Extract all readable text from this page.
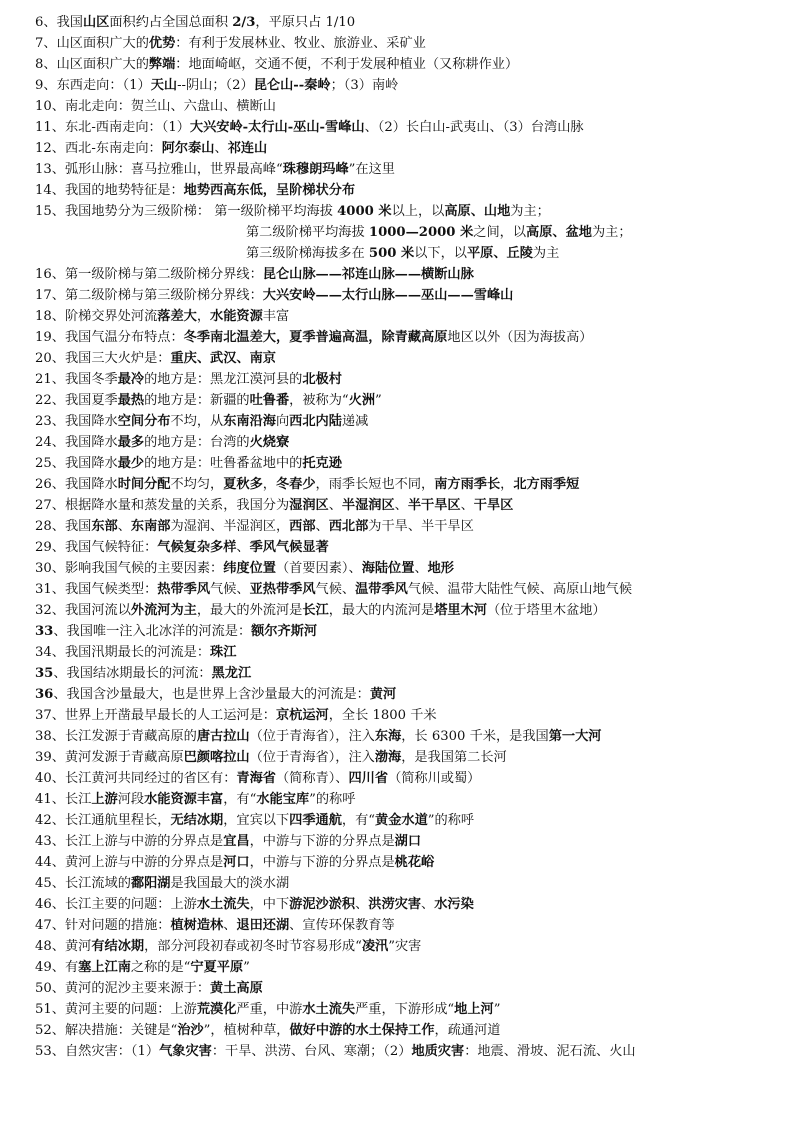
6、我国山区面积约占全国总面积 2/3，平原只占 1/10
7、山区面积广大的优势：有利于发展林业、牧业、旅游业、采矿业
8、山区面积广大的弊端：地面崎岖，交通不便，不利于发展种植业（又称耕作业）
9、东西走向：（1）天山--阴山；（2）昆仑山--秦岭；（3）南岭
10、南北走向：贺兰山、六盘山、横断山
11、东北-西南走向：（1）大兴安岭-太行山-巫山-雪峰山、（2）长白山-武夷山、（3）台湾山脉
12、西北-东南走向：阿尔泰山、祁连山
13、弧形山脉：喜马拉雅山，世界最高峰“珠穆朗玛峰”在这里
14、我国的地势特征是：地势西高东低，呈阶梯状分布
15、我国地势分为三级阶梯： 第一级阶梯平均海拔 4000 米以上，以高原、山地为主；
第二级阶梯平均海拔 1000—2000 米之间，以高原、盆地为主；
第三级阶梯海拔多在 500 米以下，以平原、丘陵为主
16、第一级阶梯与第二级阶梯分界线：昆仑山脉——祁连山脉——横断山脉
17、第二级阶梯与第三级阶梯分界线：大兴安岭——太行山脉——巫山——雪峰山
18、阶梯交界处河流落差大，水能资源丰富
19、我国气温分布特点：冬季南北温差大，夏季普遍高温，除青藏高原地区以外（因为海拔高）
20、我国三大火炉是：重庆、武汉、南京
21、我国冬季最冷的地方是：黑龙江漠河县的北极村
22、我国夏季最热的地方是：新疆的吐鲁番，被称为“火洲”
23、我国降水空间分布不均，从东南沿海向西北内陆递减
24、我国降水最多的地方是：台湾的火烧寮
25、我国降水最少的地方是：吐鲁番盆地中的托克逊
26、我国降水时间分配不均匀，夏秋多，冬春少，雨季长短也不同，南方雨季长，北方雨季短
27、根据降水量和蒸发量的关系，我国分为湿润区、半湿润区、半干旱区、干旱区
28、我国东部、东南部为湿润、半湿润区，西部、西北部为干旱、半干旱区
29、我国气候特征：气候复杂多样、季风气候显著
30、影响我国气候的主要因素：纬度位置（首要因素）、海陆位置、地形
31、我国气候类型：热带季风气候、亚热带季风气候、温带季风气候、温带大陆性气候、高原山地气候
32、我国河流以外流河为主，最大的外流河是长江，最大的内流河是塔里木河（位于塔里木盆地）
33、我国唯一注入北冰洋的河流是：额尔齐斯河
34、我国汛期最长的河流是：珠江
35、我国结冰期最长的河流：黑龙江
36、我国含沙量最大，也是世界上含沙量最大的河流是：黄河
37、世界上开凿最早最长的人工运河是：京杭运河，全长 1800 千米
38、长江发源于青藏高原的唐古拉山（位于青海省），注入东海，长 6300 千米，是我国第一大河
39、黄河发源于青藏高原巴颜喀拉山（位于青海省），注入渤海，是我国第二长河
40、长江黄河共同经过的省区有：青海省（简称青）、四川省（简称川或蜀）
41、长江上游河段水能资源丰富，有“水能宝库”的称呼
42、长江通航里程长，无结冰期，宜宾以下四季通航，有“黄金水道”的称呼
43、长江上游与中游的分界点是宜昌，中游与下游的分界点是湖口
44、黄河上游与中游的分界点是河口，中游与下游的分界点是桃花峪
45、长江流域的鄱阳湖是我国最大的淡水湖
46、长江主要的问题：上游水土流失，中下游泥沙淤积、洪涝灾害、水污染
47、针对问题的措施：植树造林、退田还湖、宣传环保教育等
48、黄河有结冰期，部分河段初春或初冬时节容易形成“凌汛”灾害
49、有塞上江南之称的是“宁夏平原”
50、黄河的泥沙主要来源于：黄土高原
51、黄河主要的问题：上游荒漠化严重，中游水土流失严重，下游形成“地上河”
52、解决措施：关键是“治沙”，植树种草，做好中游的水土保持工作，疏通河道
53、自然灾害：（1）气象灾害：干旱、洪涝、台风、寒潮；（2）地质灾害：地震、滑坡、泥石流、火山
